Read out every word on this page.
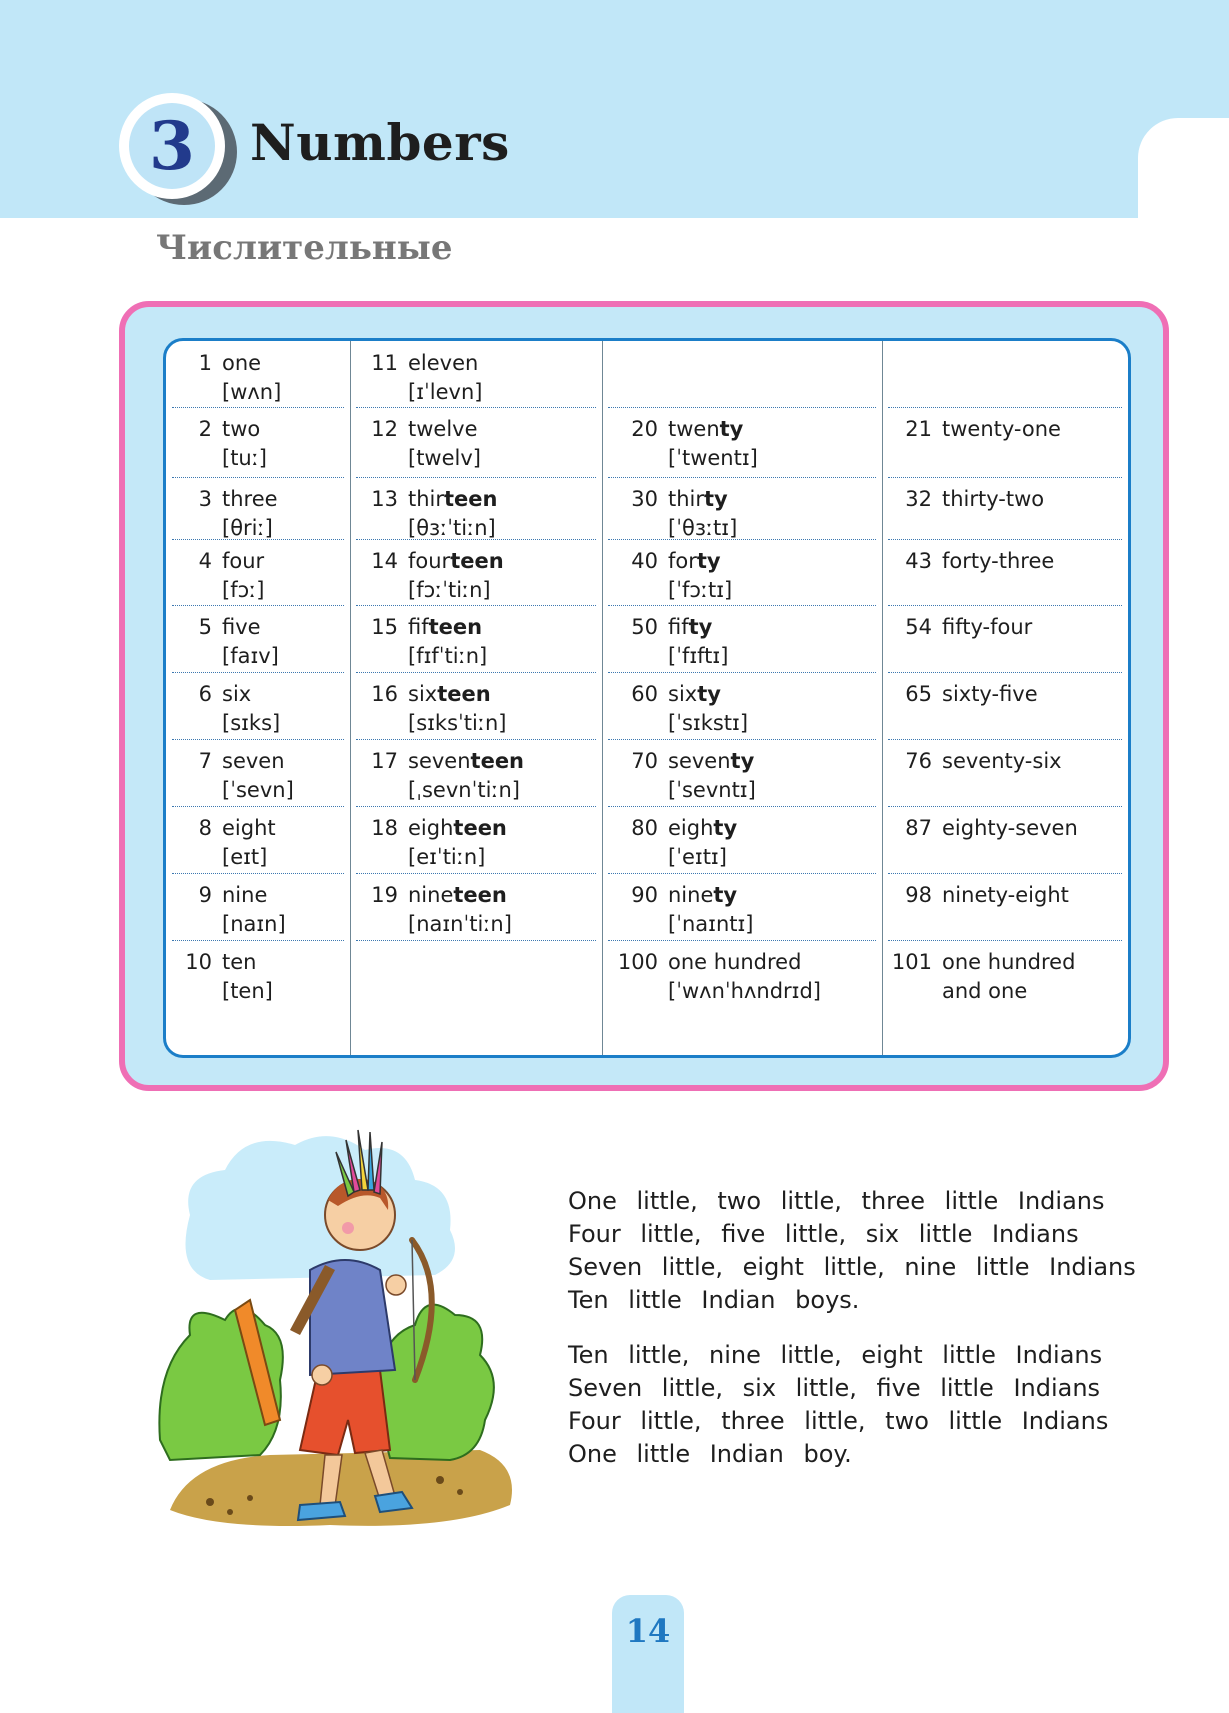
3 Numbers
Числительные
1 one
[wʌn]
2 two
[tuː]
3 three
[θriː]
4 four
[fɔː]
5 five
[faɪv]
6 six
[sɪks]
7 seven
[ˈsevn]
8 eight
[eɪt]
9 nine
[naɪn]
10 ten
[ten]
11 eleven
[ɪˈlevn]
12 twelve
[twelv]
13 thirteen
[θɜːˈtiːn]
14 fourteen
[fɔːˈtiːn]
15 fifteen
[fɪfˈtiːn]
16 sixteen
[sɪksˈtiːn]
17 seventeen
[ˌsevnˈtiːn]
18 eighteen
[eɪˈtiːn]
19 nineteen
[naɪnˈtiːn]
20 twenty
[ˈtwentɪ]
30 thirty
[ˈθɜːtɪ]
40 forty
[ˈfɔːtɪ]
50 fifty
[ˈfɪftɪ]
60 sixty
[ˈsɪkstɪ]
70 seventy
[ˈsevntɪ]
80 eighty
[ˈeɪtɪ]
90 ninety
[ˈnaɪntɪ]
100 one hundred
[ˈwʌnˈhʌndrɪd]
21 twenty-one
32 thirty-two
43 forty-three
54 fifty-four
65 sixty-five
76 seventy-six
87 eighty-seven
98 ninety-eight
101 one hundred
and one
One little, two little, three little Indians
Four little, five little, six little Indians
Seven little, eight little, nine little Indians
Ten little Indian boys.
Ten little, nine little, eight little Indians
Seven little, six little, five little Indians
Four little, three little, two little Indians
One little Indian boy.
14
